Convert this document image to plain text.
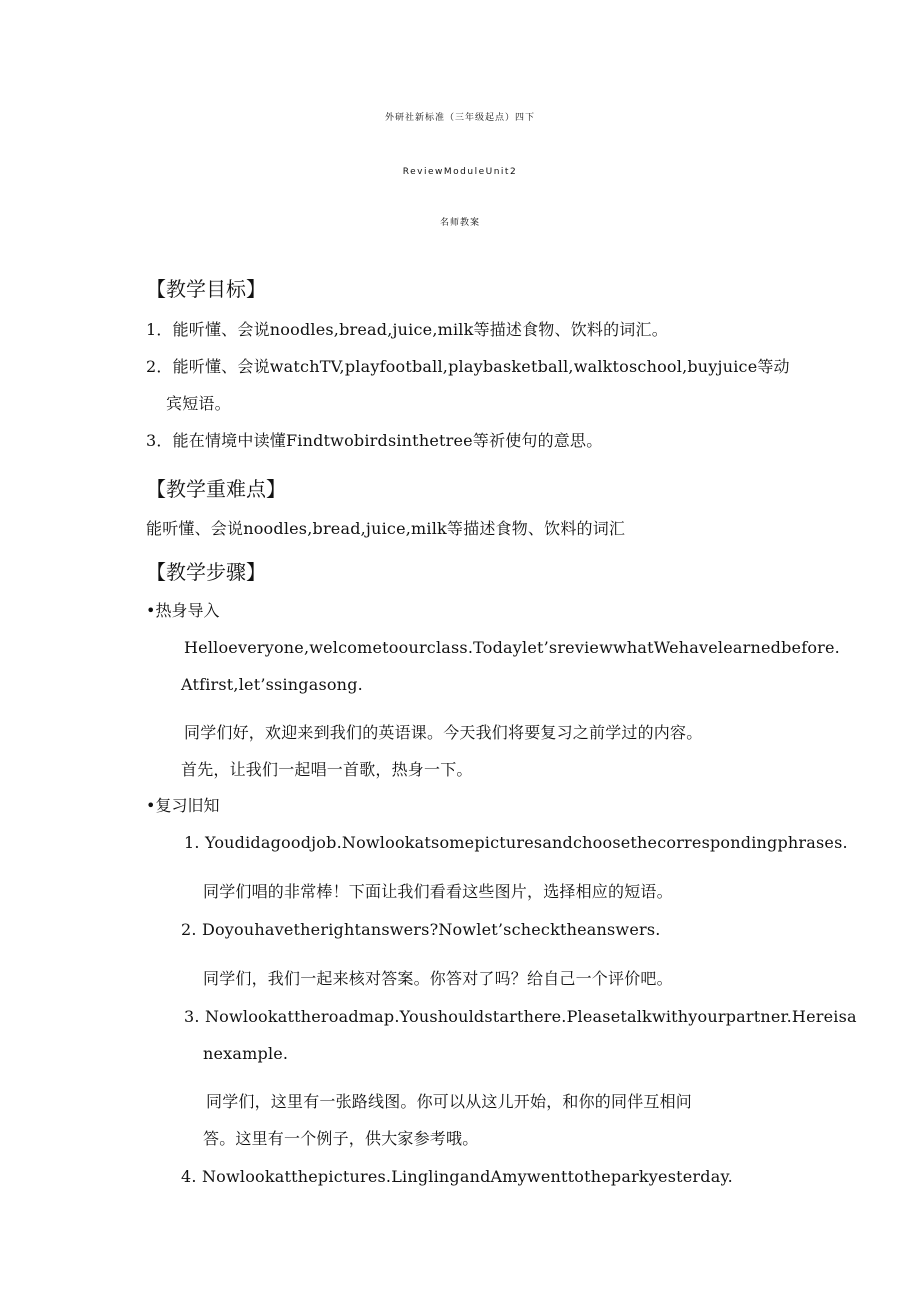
外研社新标准（三年级起点）四下
ReviewModuleUnit2
名师教案
【教学目标】
1．能听懂、会说noodles,bread,juice,milk等描述食物、饮料的词汇。
2．能听懂、会说watchTV,playfootball,playbasketball,walktoschool,buyjuice等动
宾短语。
3．能在情境中读懂Findtwobirdsinthetree等祈使句的意思。
【教学重难点】
能听懂、会说noodles,bread,juice,milk等描述食物、饮料的词汇
【教学步骤】
•热身导入
Helloeveryone,welcometoourclass.Todaylet’sreviewwhatWehavelearnedbefore.
Atfirst,let’ssingasong.
同学们好，欢迎来到我们的英语课。今天我们将要复习之前学过的内容。
首先，让我们一起唱一首歌，热身一下。
•复习旧知
1. Youdidagoodjob.Nowlookatsomepicturesandchoosethecorrespondingphrases.
同学们唱的非常棒！下面让我们看看这些图片，选择相应的短语。
2. Doyouhavetherightanswers?Nowlet’schecktheanswers.
同学们，我们一起来核对答案。你答对了吗？给自己一个评价吧。
3. Nowlookattheroadmap.Youshouldstarthere.Pleasetalkwithyourpartner.Hereisa
nexample.
同学们，这里有一张路线图。你可以从这儿开始，和你的同伴互相问
答。这里有一个例子，供大家参考哦。
4. Nowlookatthepictures.LinglingandAmywenttotheparkyesterday.
